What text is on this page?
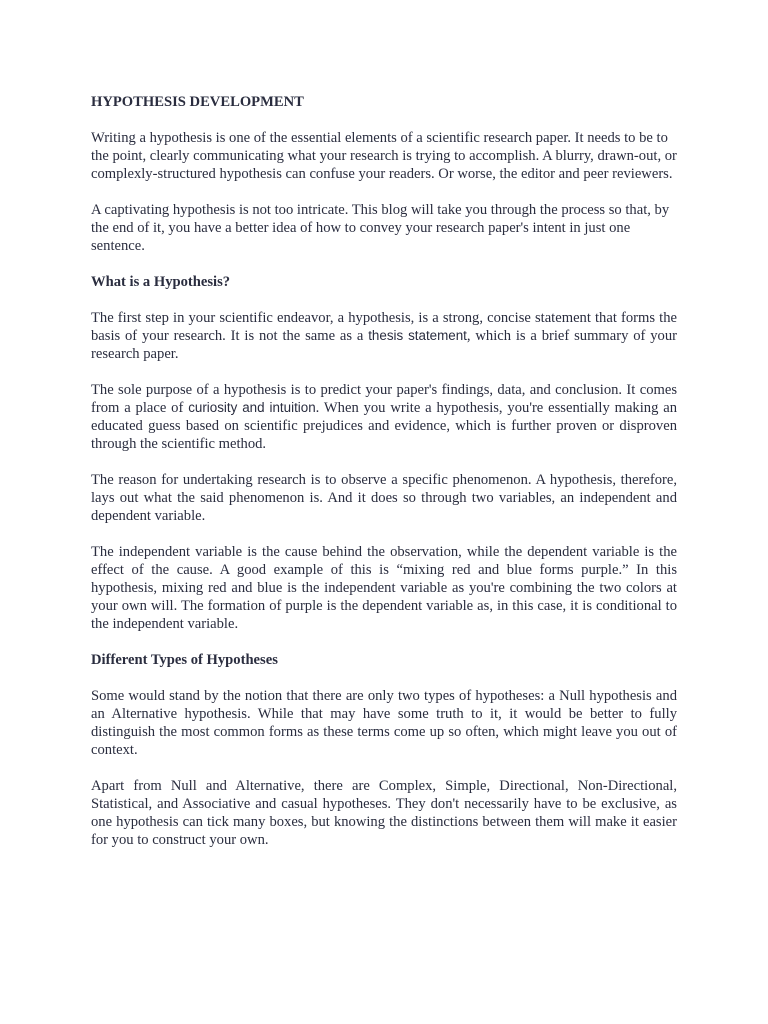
HYPOTHESIS DEVELOPMENT
Writing a hypothesis is one of the essential elements of a scientific research paper. It needs to be to the point, clearly communicating what your research is trying to accomplish. A blurry, drawn-out, or complexly-structured hypothesis can confuse your readers. Or worse, the editor and peer reviewers.
A captivating hypothesis is not too intricate. This blog will take you through the process so that, by the end of it, you have a better idea of how to convey your research paper's intent in just one sentence.
What is a Hypothesis?
The first step in your scientific endeavor, a hypothesis, is a strong, concise statement that forms the basis of your research. It is not the same as a thesis statement, which is a brief summary of your research paper.
The sole purpose of a hypothesis is to predict your paper's findings, data, and conclusion. It comes from a place of curiosity and intuition. When you write a hypothesis, you're essentially making an educated guess based on scientific prejudices and evidence, which is further proven or disproven through the scientific method.
The reason for undertaking research is to observe a specific phenomenon. A hypothesis, therefore, lays out what the said phenomenon is. And it does so through two variables, an independent and dependent variable.
The independent variable is the cause behind the observation, while the dependent variable is the effect of the cause. A good example of this is “mixing red and blue forms purple.” In this hypothesis, mixing red and blue is the independent variable as you're combining the two colors at your own will. The formation of purple is the dependent variable as, in this case, it is conditional to the independent variable.
Different Types of Hypotheses
Some would stand by the notion that there are only two types of hypotheses: a Null hypothesis and an Alternative hypothesis. While that may have some truth to it, it would be better to fully distinguish the most common forms as these terms come up so often, which might leave you out of context.
Apart from Null and Alternative, there are Complex, Simple, Directional, Non-Directional, Statistical, and Associative and casual hypotheses. They don't necessarily have to be exclusive, as one hypothesis can tick many boxes, but knowing the distinctions between them will make it easier for you to construct your own.
